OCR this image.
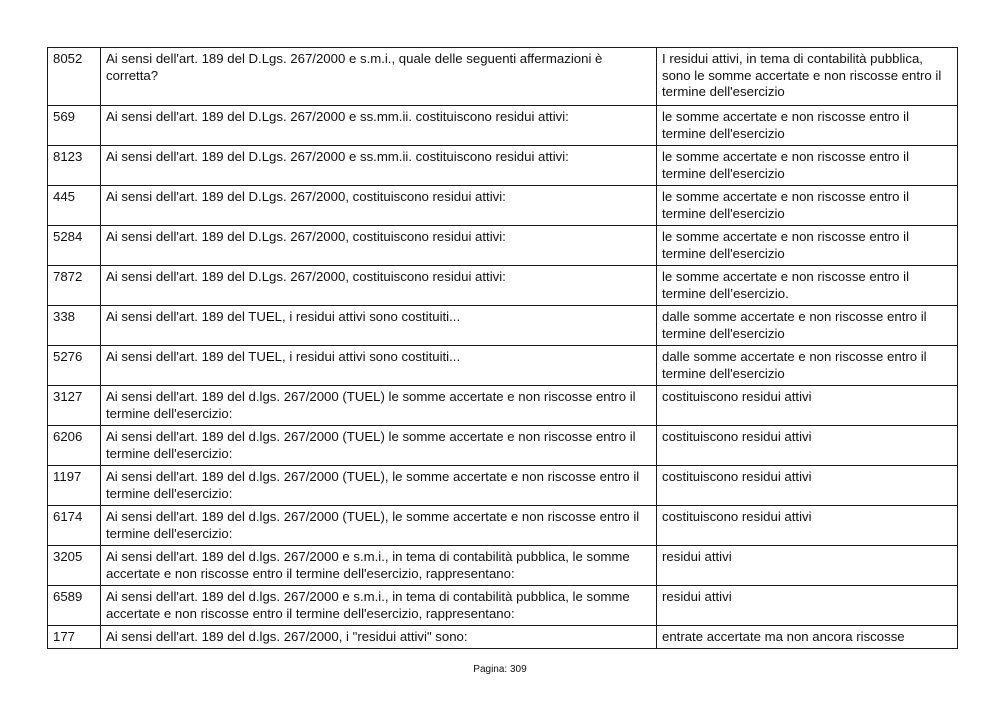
8052	Ai sensi dell'art. 189 del D.Lgs. 267/2000 e s.m.i., quale delle seguenti affermazioni è corretta?	I residui attivi, in tema di contabilità pubblica, sono le somme accertate e non riscosse entro il termine dell'esercizio
569	Ai sensi dell'art. 189 del D.Lgs. 267/2000 e ss.mm.ii. costituiscono residui attivi:	le somme accertate e non riscosse entro il termine dell'esercizio
8123	Ai sensi dell'art. 189 del D.Lgs. 267/2000 e ss.mm.ii. costituiscono residui attivi:	le somme accertate e non riscosse entro il termine dell'esercizio
445	Ai sensi dell'art. 189 del D.Lgs. 267/2000, costituiscono residui attivi:	le somme accertate e non riscosse entro il termine dell'esercizio
5284	Ai sensi dell'art. 189 del D.Lgs. 267/2000, costituiscono residui attivi:	le somme accertate e non riscosse entro il termine dell'esercizio
7872	Ai sensi dell'art. 189 del D.Lgs. 267/2000, costituiscono residui attivi:	le somme accertate e non riscosse entro il termine dell’esercizio.
338	Ai sensi dell'art. 189 del TUEL, i residui attivi sono costituiti...	dalle somme accertate e non riscosse entro il termine dell'esercizio
5276	Ai sensi dell'art. 189 del TUEL, i residui attivi sono costituiti...	dalle somme accertate e non riscosse entro il termine dell'esercizio
3127	Ai sensi dell'art. 189 del d.lgs. 267/2000 (TUEL) le somme accertate e non riscosse entro il termine dell'esercizio:	costituiscono residui attivi
6206	Ai sensi dell'art. 189 del d.lgs. 267/2000 (TUEL) le somme accertate e non riscosse entro il termine dell'esercizio:	costituiscono residui attivi
1197	Ai sensi dell'art. 189 del d.lgs. 267/2000 (TUEL), le somme accertate e non riscosse entro il termine dell'esercizio:	costituiscono residui attivi
6174	Ai sensi dell'art. 189 del d.lgs. 267/2000 (TUEL), le somme accertate e non riscosse entro il termine dell'esercizio:	costituiscono residui attivi
3205	Ai sensi dell'art. 189 del d.lgs. 267/2000 e s.m.i., in tema di contabilità pubblica, le somme accertate e non riscosse entro il termine dell'esercizio, rappresentano:	residui attivi
6589	Ai sensi dell'art. 189 del d.lgs. 267/2000 e s.m.i., in tema di contabilità pubblica, le somme accertate e non riscosse entro il termine dell'esercizio, rappresentano:	residui attivi
177	Ai sensi dell'art. 189 del d.lgs. 267/2000, i "residui attivi" sono:	entrate accertate ma non ancora riscosse
Pagina: 309
